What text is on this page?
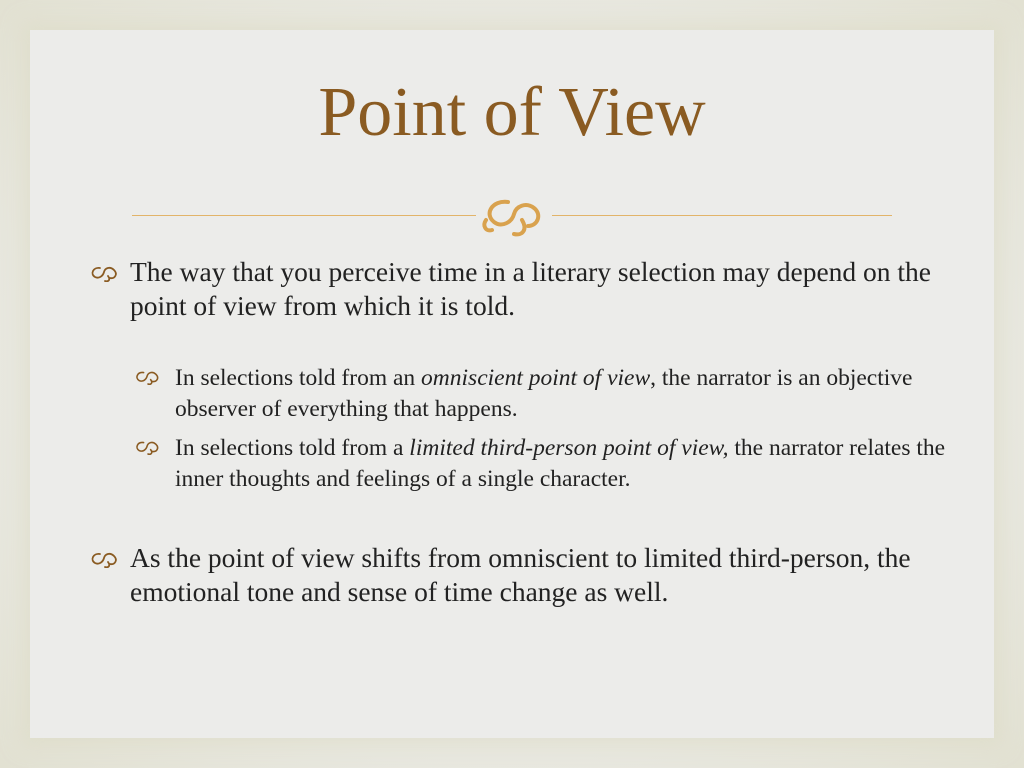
Point of View
The way that you perceive time in a literary selection may depend on the point of view from which it is told.
In selections told from an omniscient point of view, the narrator is an objective observer of everything that happens.
In selections told from a limited third-person point of view, the narrator relates the inner thoughts and feelings of a single character.
As the point of view shifts from omniscient to limited third-person, the emotional tone and sense of time change as well.
